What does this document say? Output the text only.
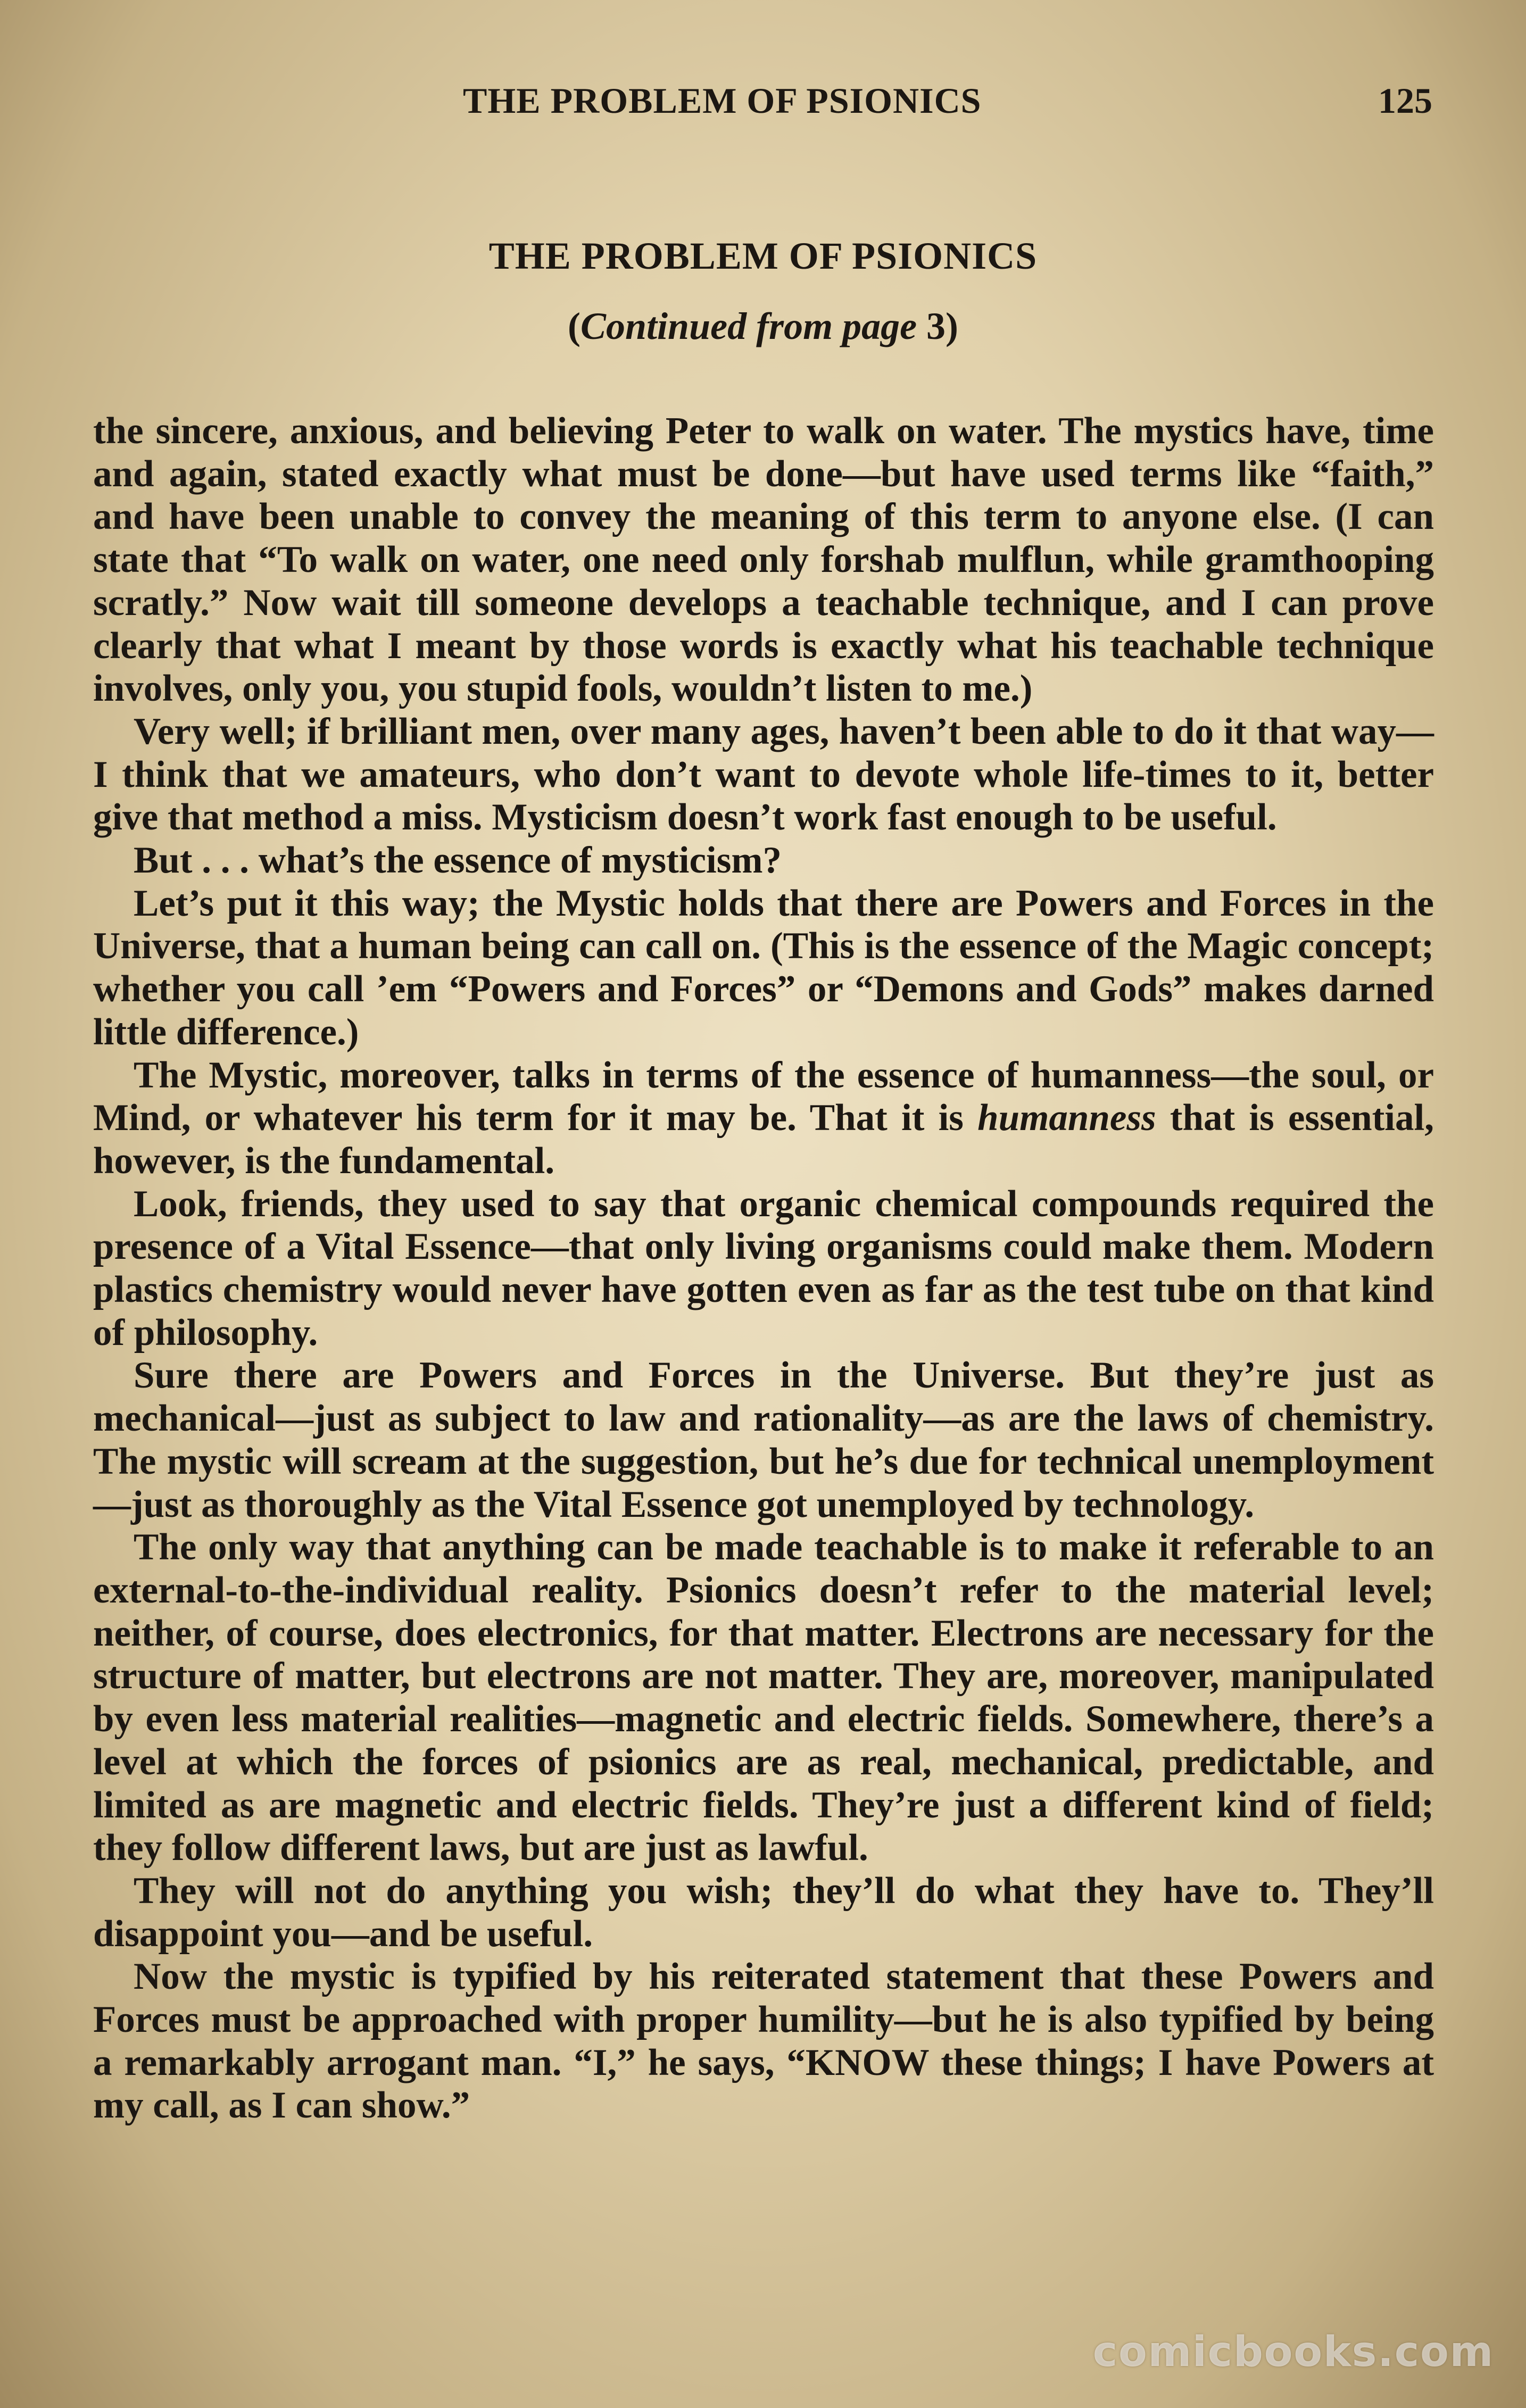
THE PROBLEM OF PSIONICS	125
THE PROBLEM OF PSIONICS
(Continued from page 3)

the sincere, anxious, and believing Peter to walk on water. The mystics have, time and again, stated exactly what must be done—but have used terms like “faith,” and have been unable to convey the meaning of this term to anyone else. (I can state that “To walk on water, one need only forshab mulflun, while gramthooping scratly.” Now wait till someone develops a teachable technique, and I can prove clearly that what I meant by those words is exactly what his teachable technique involves, only you, you stupid fools, wouldn’t listen to me.)

Very well; if brilliant men, over many ages, haven’t been able to do it that way—I think that we amateurs, who don’t want to devote whole life-times to it, better give that method a miss. Mysticism doesn’t work fast enough to be useful.

But . . . what’s the essence of mysticism?

Let’s put it this way; the Mystic holds that there are Powers and Forces in the Universe, that a human being can call on. (This is the essence of the Magic concept; whether you call ’em “Powers and Forces” or “Demons and Gods” makes darned little difference.)

The Mystic, moreover, talks in terms of the essence of humanness—the soul, or Mind, or whatever his term for it may be. That it is humanness that is essential, however, is the fundamental.

Look, friends, they used to say that organic chemical compounds required the presence of a Vital Essence—that only living organisms could make them. Modern plastics chemistry would never have gotten even as far as the test tube on that kind of philosophy.

Sure there are Powers and Forces in the Universe. But they’re just as mechanical—just as subject to law and rationality—as are the laws of chemistry. The mystic will scream at the suggestion, but he’s due for technical unemployment—just as thoroughly as the Vital Essence got unemployed by technology.

The only way that anything can be made teachable is to make it referable to an external-to-the-individual reality. Psionics doesn’t refer to the material level; neither, of course, does electronics, for that matter. Electrons are necessary for the structure of matter, but electrons are not matter. They are, moreover, manipulated by even less material realities—magnetic and electric fields. Somewhere, there’s a level at which the forces of psionics are as real, mechanical, predictable, and limited as are magnetic and electric fields. They’re just a different kind of field; they follow different laws, but are just as lawful.

They will not do anything you wish; they’ll do what they have to. They’ll disappoint you—and be useful.

Now the mystic is typified by his reiterated statement that these Powers and Forces must be approached with proper humility—but he is also typified by being a remarkably arrogant man. “I,” he says, “KNOW these things; I have Powers at my call, as I can show.”

comicbooks.com
